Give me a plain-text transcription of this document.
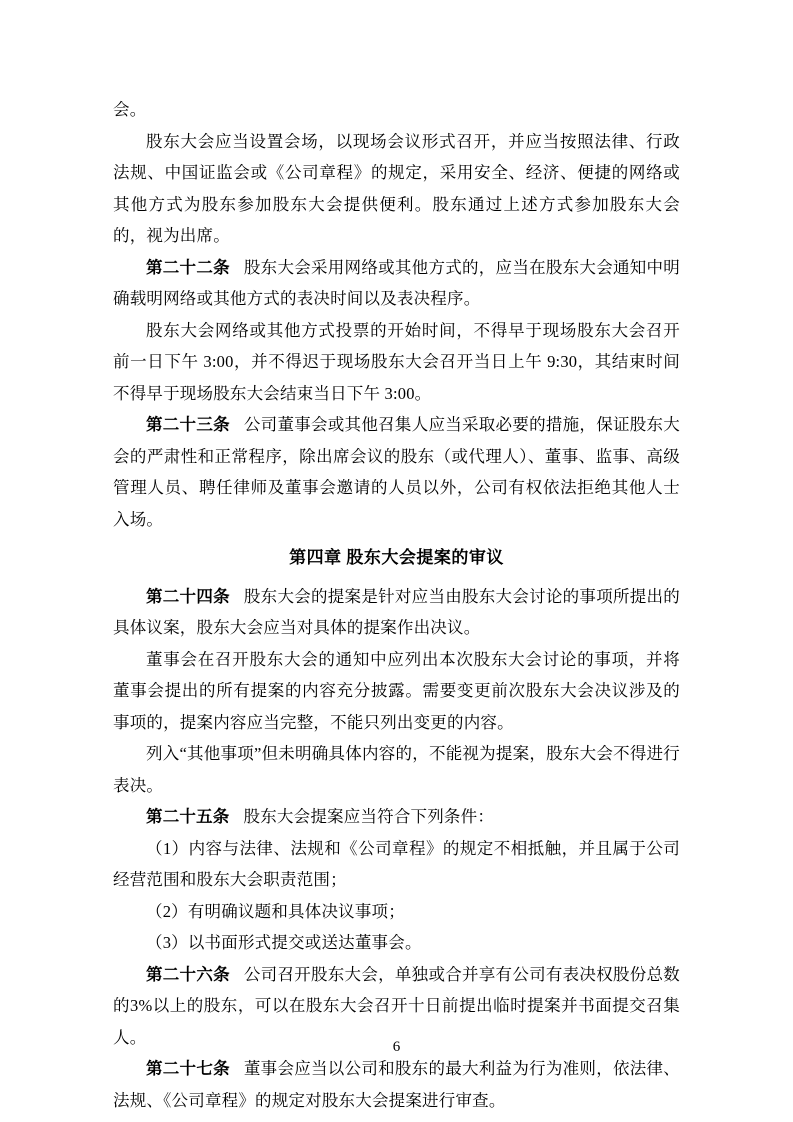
会。

股东大会应当设置会场，以现场会议形式召开，并应当按照法律、行政法规、中国证监会或《公司章程》的规定，采用安全、经济、便捷的网络或其他方式为股东参加股东大会提供便利。股东通过上述方式参加股东大会的，视为出席。

第二十二条 股东大会采用网络或其他方式的，应当在股东大会通知中明确载明网络或其他方式的表决时间以及表决程序。

股东大会网络或其他方式投票的开始时间，不得早于现场股东大会召开前一日下午 3:00，并不得迟于现场股东大会召开当日上午 9:30，其结束时间不得早于现场股东大会结束当日下午 3:00。

第二十三条 公司董事会或其他召集人应当采取必要的措施，保证股东大会的严肃性和正常程序，除出席会议的股东（或代理人）、董事、监事、高级管理人员、聘任律师及董事会邀请的人员以外，公司有权依法拒绝其他人士入场。

第四章 股东大会提案的审议

第二十四条 股东大会的提案是针对应当由股东大会讨论的事项所提出的具体议案，股东大会应当对具体的提案作出决议。

董事会在召开股东大会的通知中应列出本次股东大会讨论的事项，并将董事会提出的所有提案的内容充分披露。需要变更前次股东大会决议涉及的事项的，提案内容应当完整，不能只列出变更的内容。

列入“其他事项”但未明确具体内容的，不能视为提案，股东大会不得进行表决。

第二十五条 股东大会提案应当符合下列条件：

（1）内容与法律、法规和《公司章程》的规定不相抵触，并且属于公司经营范围和股东大会职责范围；

（2）有明确议题和具体决议事项；

（3）以书面形式提交或送达董事会。

第二十六条 公司召开股东大会，单独或合并享有公司有表决权股份总数的3%以上的股东，可以在股东大会召开十日前提出临时提案并书面提交召集人。

第二十七条 董事会应当以公司和股东的最大利益为行为准则，依法律、法规、《公司章程》的规定对股东大会提案进行审查。

6
